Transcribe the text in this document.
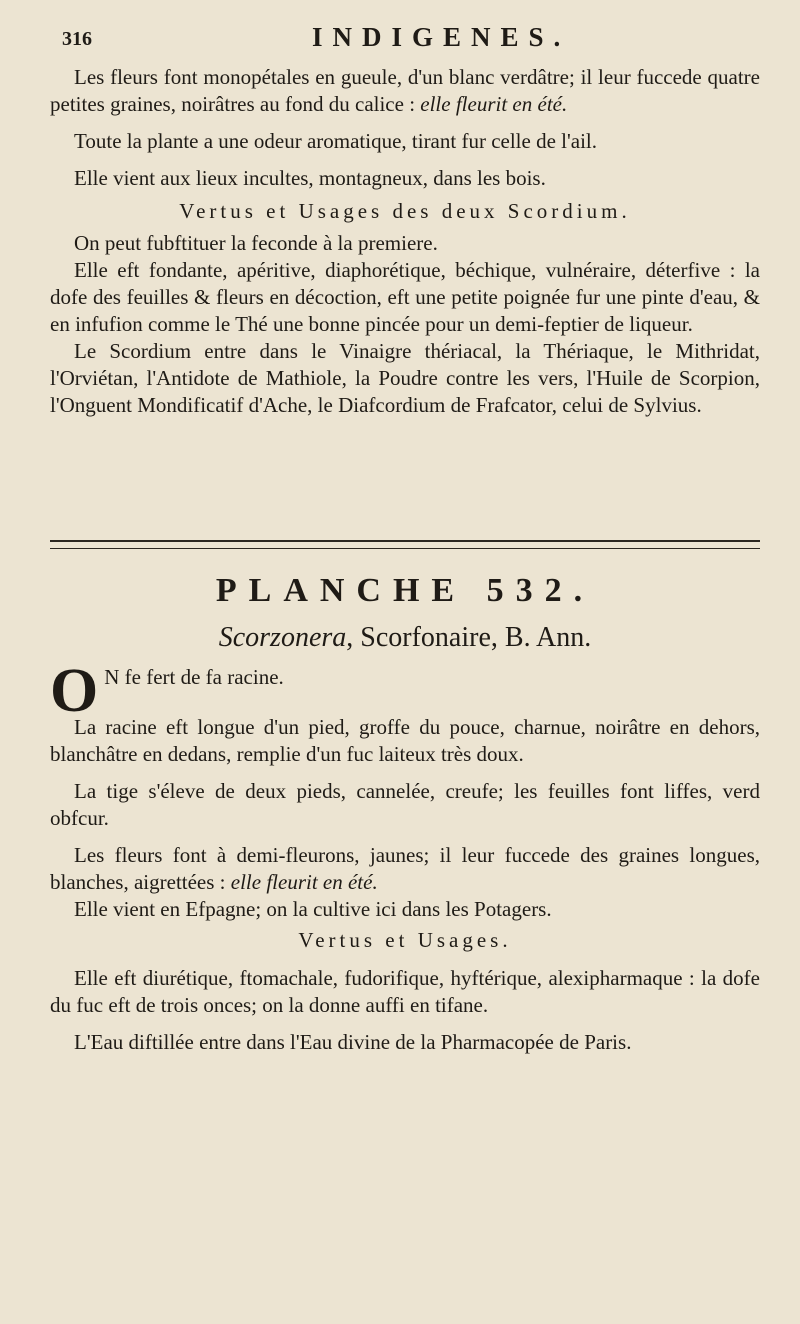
316	INDIGENES.

Les fleurs font monopétales en gueule, d'un blanc verdâtre; il leur fuccede quatre petites graines, noirâtres au fond du calice : elle fleurit en été.

Toute la plante a une odeur aromatique, tirant fur celle de l'ail.

Elle vient aux lieux incultes, montagneux, dans les bois.

Vertus et Usages des deux Scordium.

On peut fubftituer la feconde à la premiere.

Elle eft fondante, apéritive, diaphorétique, béchique, vulnéraire, déterfive : la dofe des feuilles & fleurs en décoction, eft une petite poignée fur une pinte d'eau, & en infufion comme le Thé une bonne pincée pour un demi-feptier de liqueur.

Le Scordium entre dans le Vinaigre thériacal, la Thériaque, le Mithridat, l'Orviétan, l'Antidote de Mathiole, la Poudre contre les vers, l'Huile de Scorpion, l'Onguent Mondificatif d'Ache, le Diafcordium de Frafcator, celui de Sylvius.

PLANCHE 532.
Scorzonera, Scorfonaire, B. Ann.

O N fe fert de fa racine.

La racine eft longue d'un pied, groffe du pouce, charnue, noirâtre en dehors, blanchâtre en dedans, remplie d'un fuc laiteux très doux.

La tige s'éleve de deux pieds, cannelée, creufe; les feuilles font liffes, verd obfcur.

Les fleurs font à demi-fleurons, jaunes; il leur fuccede des graines longues, blanches, aigrettées : elle fleurit en été.

Elle vient en Efpagne; on la cultive ici dans les Potagers.

Vertus et Usages.

Elle eft diurétique, ftomachale, fudorifique, hyftérique, alexipharmaque : la dofe du fuc eft de trois onces; on la donne auffi en tifane.

L'Eau diftillée entre dans l'Eau divine de la Pharmacopée de Paris.
